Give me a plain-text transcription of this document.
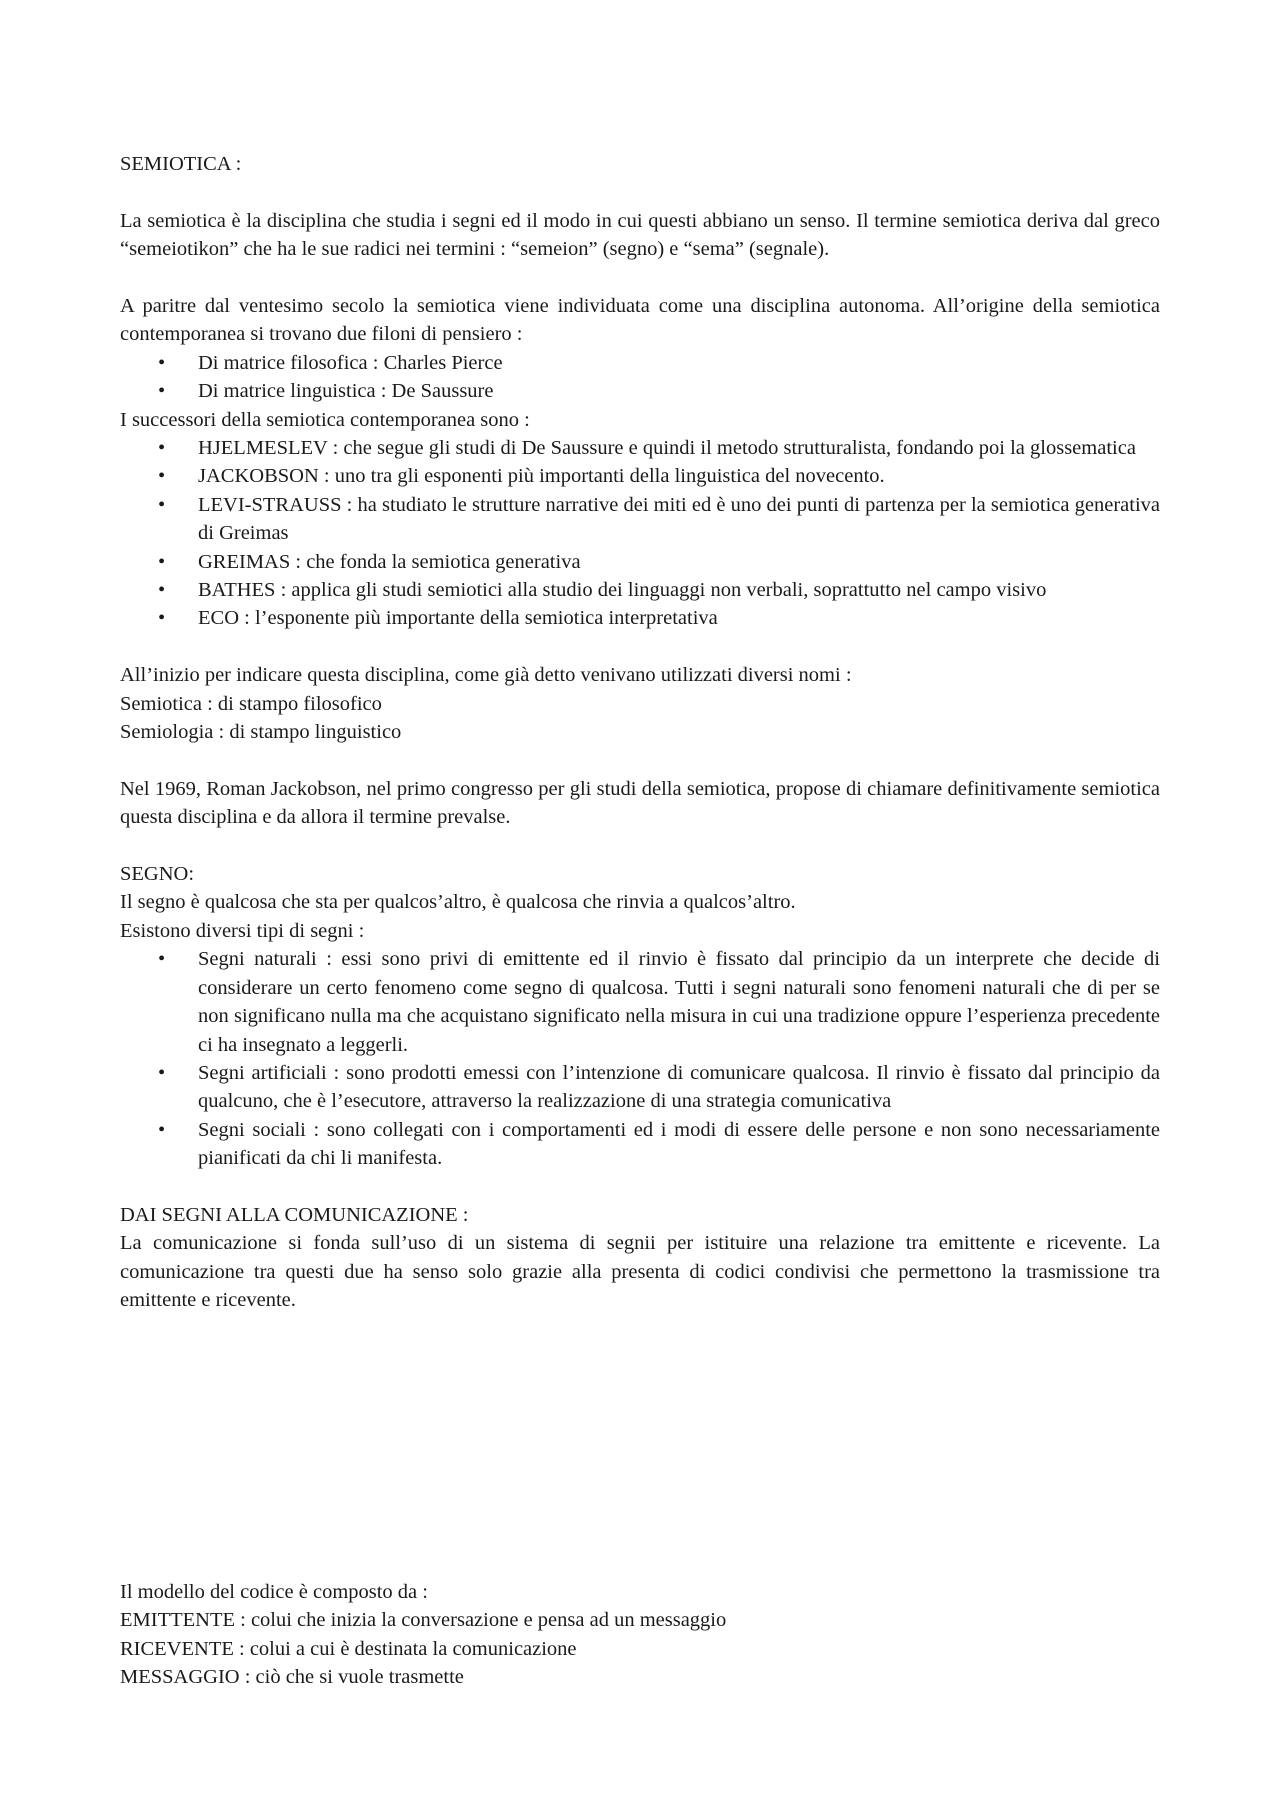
SEMIOTICA :

La semiotica è la disciplina che studia i segni ed il modo in cui questi abbiano un senso. Il termine semiotica deriva dal greco “semeiotikon” che ha le sue radici nei termini : “semeion” (segno) e “sema” (segnale).

A paritre dal ventesimo secolo la semiotica viene individuata come una disciplina autonoma. All’origine della semiotica contemporanea si trovano due filoni di pensiero :

• Di matrice filosofica : Charles Pierce
• Di matrice linguistica : De Saussure

I successori della semiotica contemporanea sono :

• HJELMESLEV : che segue gli studi di De Saussure e quindi il metodo strutturalista, fondando poi la glossematica
• JACKOBSON : uno tra gli esponenti più importanti della linguistica del novecento.
• LEVI-STRAUSS : ha studiato le strutture narrative dei miti ed è uno dei punti di partenza per la semiotica generativa di Greimas
• GREIMAS : che fonda la semiotica generativa
• BATHES : applica gli studi semiotici alla studio dei linguaggi non verbali, soprattutto nel campo visivo
• ECO : l’esponente più importante della semiotica interpretativa

All’inizio per indicare questa disciplina, come già detto venivano utilizzati diversi nomi :

Semiotica : di stampo filosofico

Semiologia : di stampo linguistico

Nel 1969, Roman Jackobson, nel primo congresso per gli studi della semiotica, propose di chiamare definitivamente semiotica questa disciplina e da allora il termine prevalse.

SEGNO:

Il segno è qualcosa che sta per qualcos’altro, è qualcosa che rinvia a qualcos’altro.

Esistono diversi tipi di segni :

• Segni naturali : essi sono privi di emittente ed il rinvio è fissato dal principio da un interprete che decide di considerare un certo fenomeno come segno di qualcosa. Tutti i segni naturali sono fenomeni naturali che di per se non significano nulla ma che acquistano significato nella misura in cui una tradizione oppure l’esperienza precedente ci ha insegnato a leggerli.
• Segni artificiali : sono prodotti emessi con l’intenzione di comunicare qualcosa. Il rinvio è fissato dal principio da qualcuno, che è l’esecutore, attraverso la realizzazione di una strategia comunicativa
• Segni sociali : sono collegati con i comportamenti ed i modi di essere delle persone e non sono necessariamente pianificati da chi li manifesta.

DAI SEGNI ALLA COMUNICAZIONE :

La comunicazione si fonda sull’uso di un sistema di segnii per istituire una relazione tra emittente e ricevente. La comunicazione tra questi due ha senso solo grazie alla presenta di codici condivisi che permettono la trasmissione tra emittente e ricevente.

Il modello del codice è composto da :

EMITTENTE : colui che inizia la conversazione e pensa ad un messaggio

RICEVENTE : colui a cui è destinata la comunicazione

MESSAGGIO : ciò che si vuole trasmette
